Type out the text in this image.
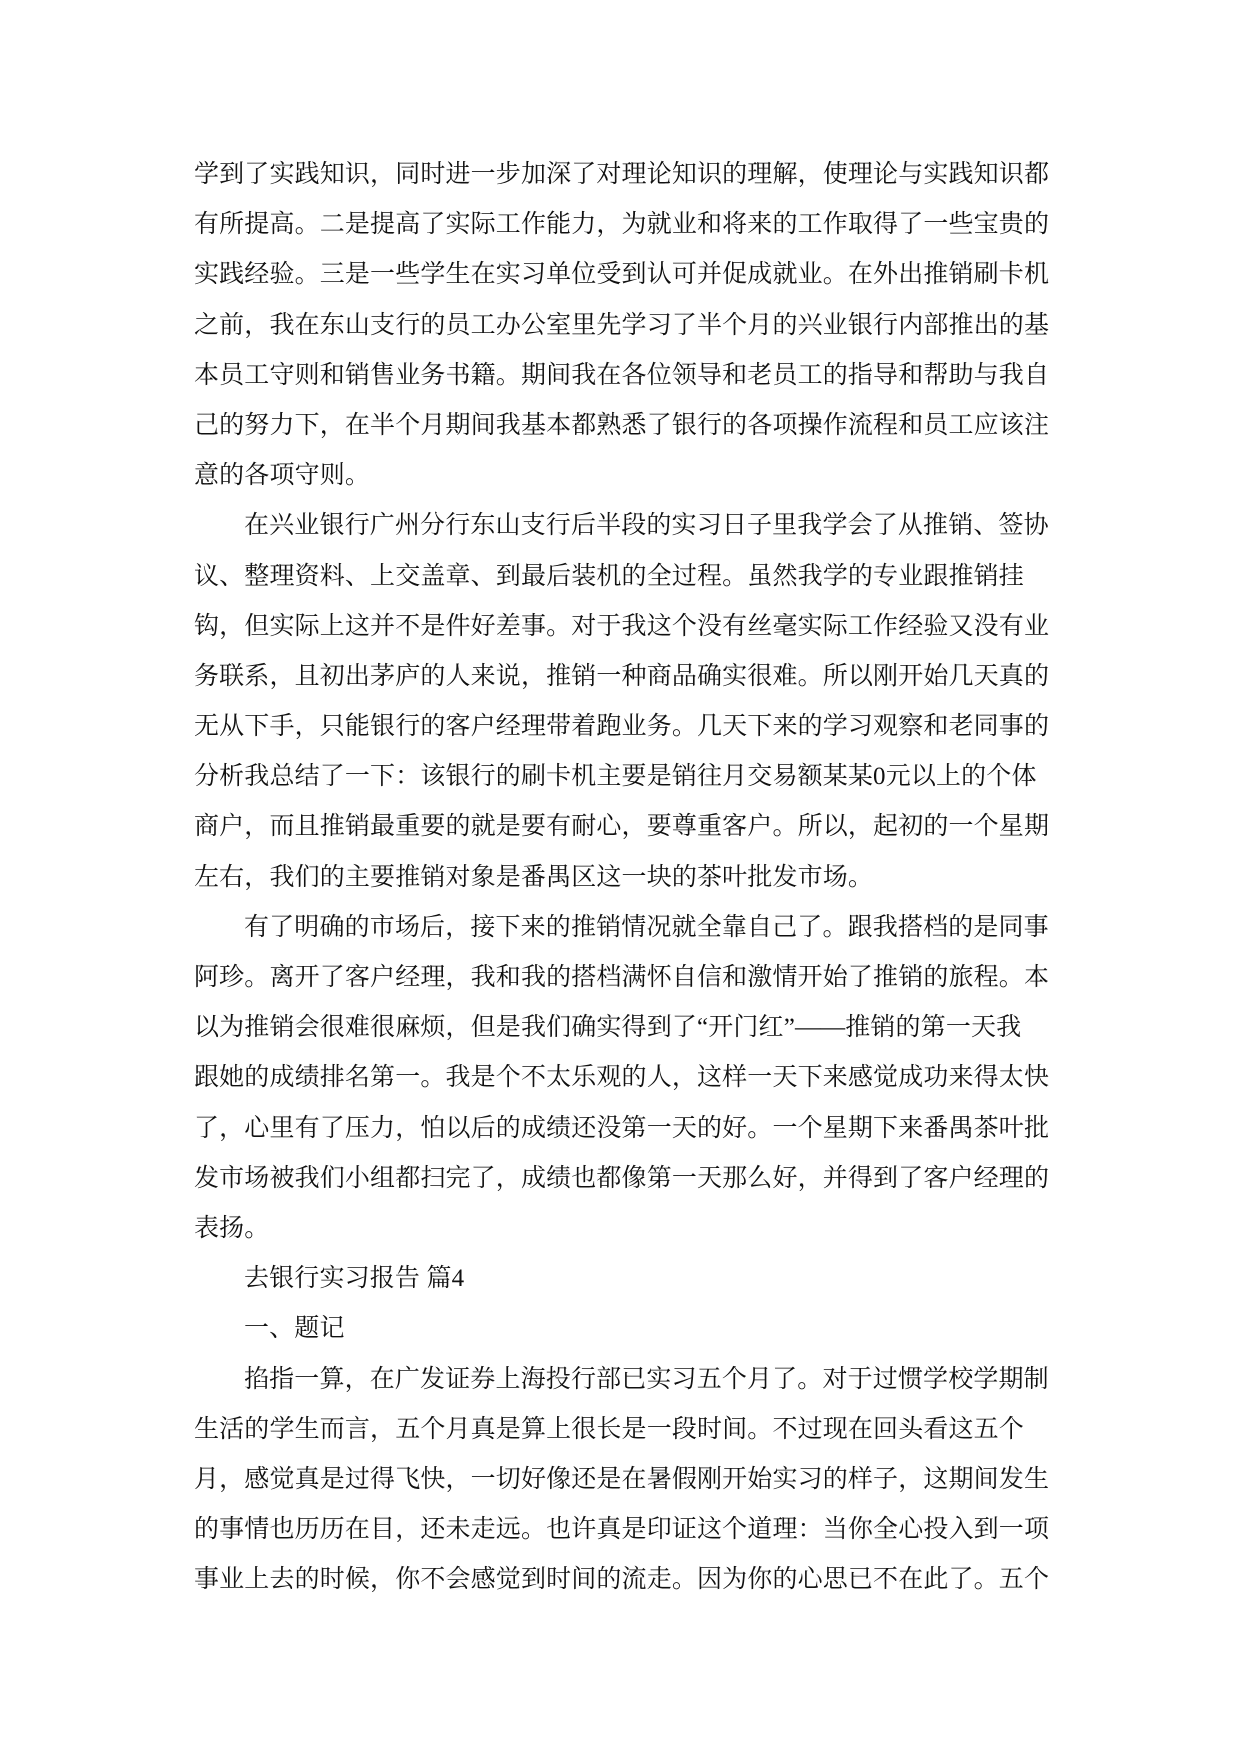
学到了实践知识，同时进一步加深了对理论知识的理解，使理论与实践知识都
有所提高。二是提高了实际工作能力，为就业和将来的工作取得了一些宝贵的
实践经验。三是一些学生在实习单位受到认可并促成就业。在外出推销刷卡机
之前，我在东山支行的员工办公室里先学习了半个月的兴业银行内部推出的基
本员工守则和销售业务书籍。期间我在各位领导和老员工的指导和帮助与我自
己的努力下，在半个月期间我基本都熟悉了银行的各项操作流程和员工应该注
意的各项守则。
在兴业银行广州分行东山支行后半段的实习日子里我学会了从推销、签协
议、整理资料、上交盖章、到最后装机的全过程。虽然我学的专业跟推销挂
钩，但实际上这并不是件好差事。对于我这个没有丝毫实际工作经验又没有业
务联系，且初出茅庐的人来说，推销一种商品确实很难。所以刚开始几天真的
无从下手，只能银行的客户经理带着跑业务。几天下来的学习观察和老同事的
分析我总结了一下：该银行的刷卡机主要是销往月交易额某某0元以上的个体
商户，而且推销最重要的就是要有耐心，要尊重客户。所以，起初的一个星期
左右，我们的主要推销对象是番禺区这一块的茶叶批发市场。
有了明确的市场后，接下来的推销情况就全靠自己了。跟我搭档的是同事
阿珍。离开了客户经理，我和我的搭档满怀自信和激情开始了推销的旅程。本
以为推销会很难很麻烦，但是我们确实得到了“开门红”——推销的第一天我
跟她的成绩排名第一。我是个不太乐观的人，这样一天下来感觉成功来得太快
了，心里有了压力，怕以后的成绩还没第一天的好。一个星期下来番禺茶叶批
发市场被我们小组都扫完了，成绩也都像第一天那么好，并得到了客户经理的
表扬。
去银行实习报告 篇4
一、题记
掐指一算，在广发证券上海投行部已实习五个月了。对于过惯学校学期制
生活的学生而言，五个月真是算上很长是一段时间。不过现在回头看这五个
月，感觉真是过得飞快，一切好像还是在暑假刚开始实习的样子，这期间发生
的事情也历历在目，还未走远。也许真是印证这个道理：当你全心投入到一项
事业上去的时候，你不会感觉到时间的流走。因为你的心思已不在此了。五个
